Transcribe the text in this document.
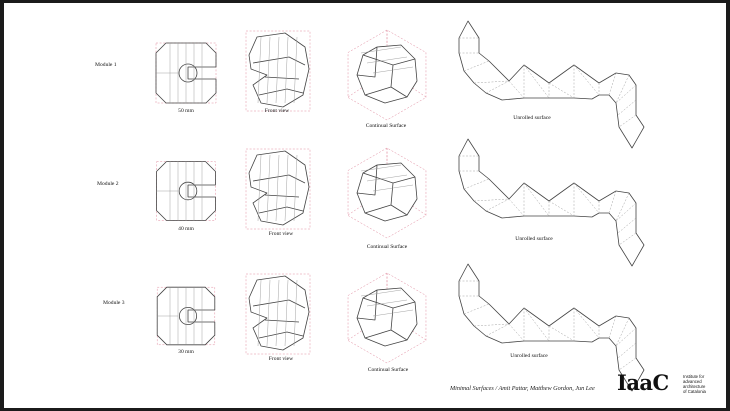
Module 1
50 mm	Front view
Continual Surface
Unrolled surface
Module 2
40 mm
Front view
Continual Surface
Unrolled surface
Module 3
30 mm
Front view
Continual Surface
Unrolled surface
Minimal Surfaces / Amit Pattar, Matthew Gordon, Jun Lee IaaC	Institute for
advanced
architecture
of Catalonia
